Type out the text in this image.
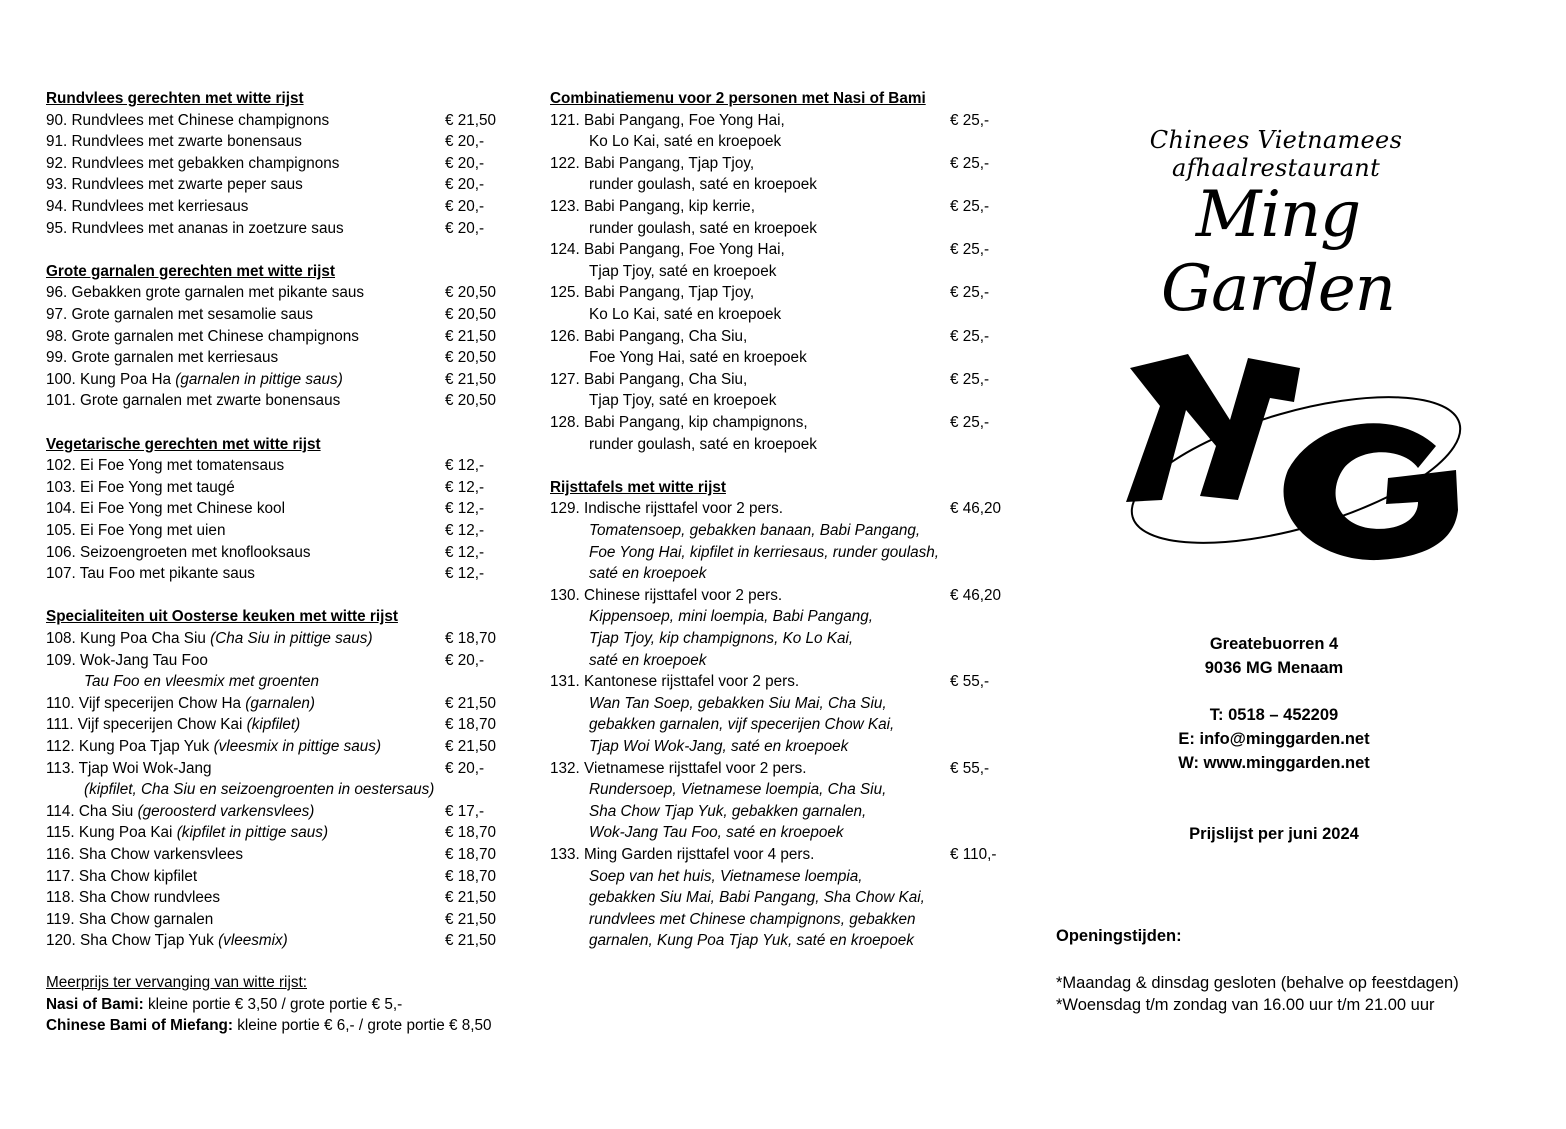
Rundvlees gerechten met witte rijst
90. Rundvlees met Chinese champignons	€ 21,50
91. Rundvlees met zwarte bonensaus	€ 20,-
92. Rundvlees met gebakken champignons	€ 20,-
93. Rundvlees met zwarte peper saus	€ 20,-
94. Rundvlees met kerriesaus	€ 20,-
95. Rundvlees met ananas in zoetzure saus	€ 20,-
Grote garnalen gerechten met witte rijst
96. Gebakken grote garnalen met pikante saus	€ 20,50
97. Grote garnalen met sesamolie saus	€ 20,50
98. Grote garnalen met Chinese champignons	€ 21,50
99. Grote garnalen met kerriesaus	€ 20,50
100. Kung Poa Ha (garnalen in pittige saus)	€ 21,50
101. Grote garnalen met zwarte bonensaus	€ 20,50
Vegetarische gerechten met witte rijst
102. Ei Foe Yong met tomatensaus	€ 12,-
103. Ei Foe Yong met taugé	€ 12,-
104. Ei Foe Yong met Chinese kool	€ 12,-
105. Ei Foe Yong met uien	€ 12,-
106. Seizoengroeten met knoflooksaus	€ 12,-
107. Tau Foo met pikante saus	€ 12,-
Specialiteiten uit Oosterse keuken met witte rijst
108. Kung Poa Cha Siu (Cha Siu in pittige saus)	€ 18,70
109. Wok-Jang Tau Foo	€ 20,-
Tau Foo en vleesmix met groenten
110. Vijf specerijen Chow Ha (garnalen)	€ 21,50
111. Vijf specerijen Chow Kai (kipfilet)	€ 18,70
112. Kung Poa Tjap Yuk (vleesmix in pittige saus)	€ 21,50
113. Tjap Woi Wok-Jang	€ 20,-
(kipfilet, Cha Siu en seizoengroenten in oestersaus)
114. Cha Siu (geroosterd varkensvlees)	€ 17,-
115. Kung Poa Kai (kipfilet in pittige saus)	€ 18,70
116. Sha Chow varkensvlees	€ 18,70
117. Sha Chow kipfilet	€ 18,70
118. Sha Chow rundvlees	€ 21,50
119. Sha Chow garnalen	€ 21,50
120. Sha Chow Tjap Yuk (vleesmix)	€ 21,50
Meerprijs ter vervanging van witte rijst:
Nasi of Bami: kleine portie € 3,50 / grote portie € 5,-
Chinese Bami of Miefang: kleine portie € 6,- / grote portie € 8,50
Combinatiemenu voor 2 personen met Nasi of Bami
121. Babi Pangang, Foe Yong Hai,	€ 25,-
Ko Lo Kai, saté en kroepoek
122. Babi Pangang, Tjap Tjoy,	€ 25,-
runder goulash, saté en kroepoek
123. Babi Pangang, kip kerrie,	€ 25,-
runder goulash, saté en kroepoek
124. Babi Pangang, Foe Yong Hai,	€ 25,-
Tjap Tjoy, saté en kroepoek
125. Babi Pangang, Tjap Tjoy,	€ 25,-
Ko Lo Kai, saté en kroepoek
126. Babi Pangang, Cha Siu,	€ 25,-
Foe Yong Hai, saté en kroepoek
127. Babi Pangang, Cha Siu,	€ 25,-
Tjap Tjoy, saté en kroepoek
128. Babi Pangang, kip champignons,	€ 25,-
runder goulash, saté en kroepoek
Rijsttafels met witte rijst
129. Indische rijsttafel voor 2 pers.	€ 46,20
Tomatensoep, gebakken banaan, Babi Pangang,
Foe Yong Hai, kipfilet in kerriesaus, runder goulash,
saté en kroepoek
130. Chinese rijsttafel voor 2 pers.	€ 46,20
Kippensoep, mini loempia, Babi Pangang,
Tjap Tjoy, kip champignons, Ko Lo Kai,
saté en kroepoek
131. Kantonese rijsttafel voor 2 pers.	€ 55,-
Wan Tan Soep, gebakken Siu Mai, Cha Siu,
gebakken garnalen, vijf specerijen Chow Kai,
Tjap Woi Wok-Jang, saté en kroepoek
132. Vietnamese rijsttafel voor 2 pers.	€ 55,-
Rundersoep, Vietnamese loempia, Cha Siu,
Sha Chow Tjap Yuk, gebakken garnalen,
Wok-Jang Tau Foo, saté en kroepoek
133. Ming Garden rijsttafel voor 4 pers.	€ 110,-
Soep van het huis, Vietnamese loempia,
gebakken Siu Mai, Babi Pangang, Sha Chow Kai,
rundvlees met Chinese champignons, gebakken
garnalen, Kung Poa Tjap Yuk, saté en kroepoek
Chinees Vietnamees afhaalrestaurant
Ming Garden
Greatebuorren 4
9036 MG Menaam
T: 0518 – 452209
E: info@minggarden.net
W: www.minggarden.net
Prijslijst per juni 2024
Openingstijden:
*Maandag & dinsdag gesloten (behalve op feestdagen)
*Woensdag t/m zondag van 16.00 uur t/m 21.00 uur
